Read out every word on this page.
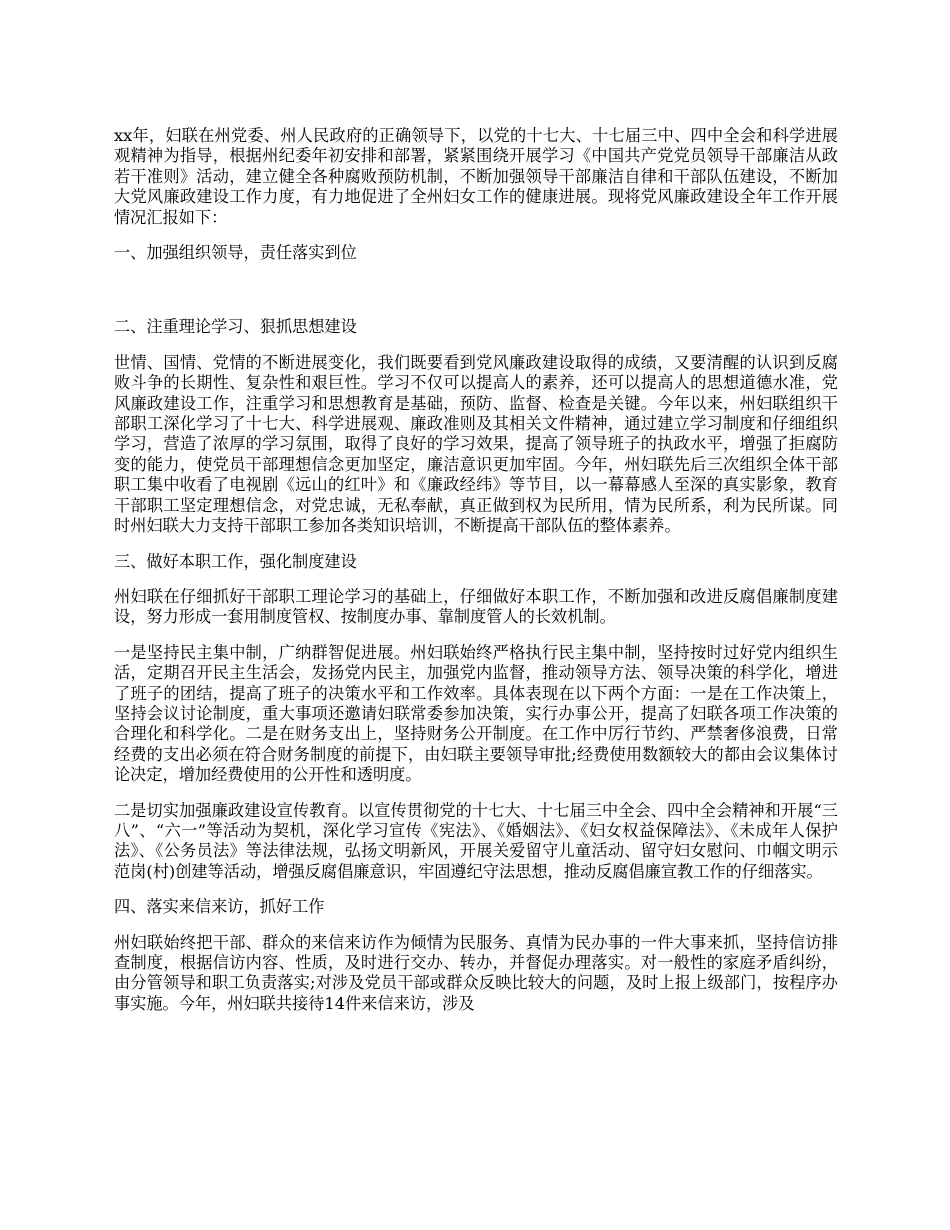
xx年，妇联在州党委、州人民政府的正确领导下，以党的十七大、十七届三中、四中全会和科学进展观精神为指导，根据州纪委年初安排和部署，紧紧围绕开展学习《中国共产党党员领导干部廉洁从政若干准则》活动，建立健全各种腐败预防机制，不断加强领导干部廉洁自律和干部队伍建设，不断加大党风廉政建设工作力度，有力地促进了全州妇女工作的健康进展。现将党风廉政建设全年工作开展情况汇报如下：

一、加强组织领导，责任落实到位

二、注重理论学习、狠抓思想建设

世情、国情、党情的不断进展变化，我们既要看到党风廉政建设取得的成绩，又要清醒的认识到反腐败斗争的长期性、复杂性和艰巨性。学习不仅可以提高人的素养，还可以提高人的思想道德水准，党风廉政建设工作，注重学习和思想教育是基础，预防、监督、检查是关键。今年以来，州妇联组织干部职工深化学习了十七大、科学进展观、廉政准则及其相关文件精神，通过建立学习制度和仔细组织学习，营造了浓厚的学习氛围，取得了良好的学习效果，提高了领导班子的执政水平，增强了拒腐防变的能力，使党员干部理想信念更加坚定，廉洁意识更加牢固。今年，州妇联先后三次组织全体干部职工集中收看了电视剧《远山的红叶》和《廉政经纬》等节目，以一幕幕感人至深的真实影象，教育干部职工坚定理想信念，对党忠诚，无私奉献，真正做到权为民所用，情为民所系，利为民所谋。同时州妇联大力支持干部职工参加各类知识培训，不断提高干部队伍的整体素养。

三、做好本职工作，强化制度建设

州妇联在仔细抓好干部职工理论学习的基础上，仔细做好本职工作，不断加强和改进反腐倡廉制度建设，努力形成一套用制度管权、按制度办事、靠制度管人的长效机制。

一是坚持民主集中制，广纳群智促进展。州妇联始终严格执行民主集中制，坚持按时过好党内组织生活，定期召开民主生活会，发扬党内民主，加强党内监督，推动领导方法、领导决策的科学化，增进了班子的团结，提高了班子的决策水平和工作效率。具体表现在以下两个方面：一是在工作决策上，坚持会议讨论制度，重大事项还邀请妇联常委参加决策，实行办事公开，提高了妇联各项工作决策的合理化和科学化。二是在财务支出上，坚持财务公开制度。在工作中厉行节约、严禁奢侈浪费，日常经费的支出必须在符合财务制度的前提下，由妇联主要领导审批;经费使用数额较大的都由会议集体讨论决定，增加经费使用的公开性和透明度。

二是切实加强廉政建设宣传教育。以宣传贯彻党的十七大、十七届三中全会、四中全会精神和开展“三八”、“六一”等活动为契机，深化学习宣传《宪法》、《婚姻法》、《妇女权益保障法》、《未成年人保护法》、《公务员法》等法律法规，弘扬文明新风，开展关爱留守儿童活动、留守妇女慰问、巾帼文明示范岗(村)创建等活动，增强反腐倡廉意识，牢固遵纪守法思想，推动反腐倡廉宣教工作的仔细落实。

四、落实来信来访，抓好工作

州妇联始终把干部、群众的来信来访作为倾情为民服务、真情为民办事的一件大事来抓，坚持信访排查制度，根据信访内容、性质，及时进行交办、转办，并督促办理落实。对一般性的家庭矛盾纠纷，由分管领导和职工负责落实;对涉及党员干部或群众反映比较大的问题，及时上报上级部门，按程序办事实施。今年，州妇联共接待14件来信来访，涉及
